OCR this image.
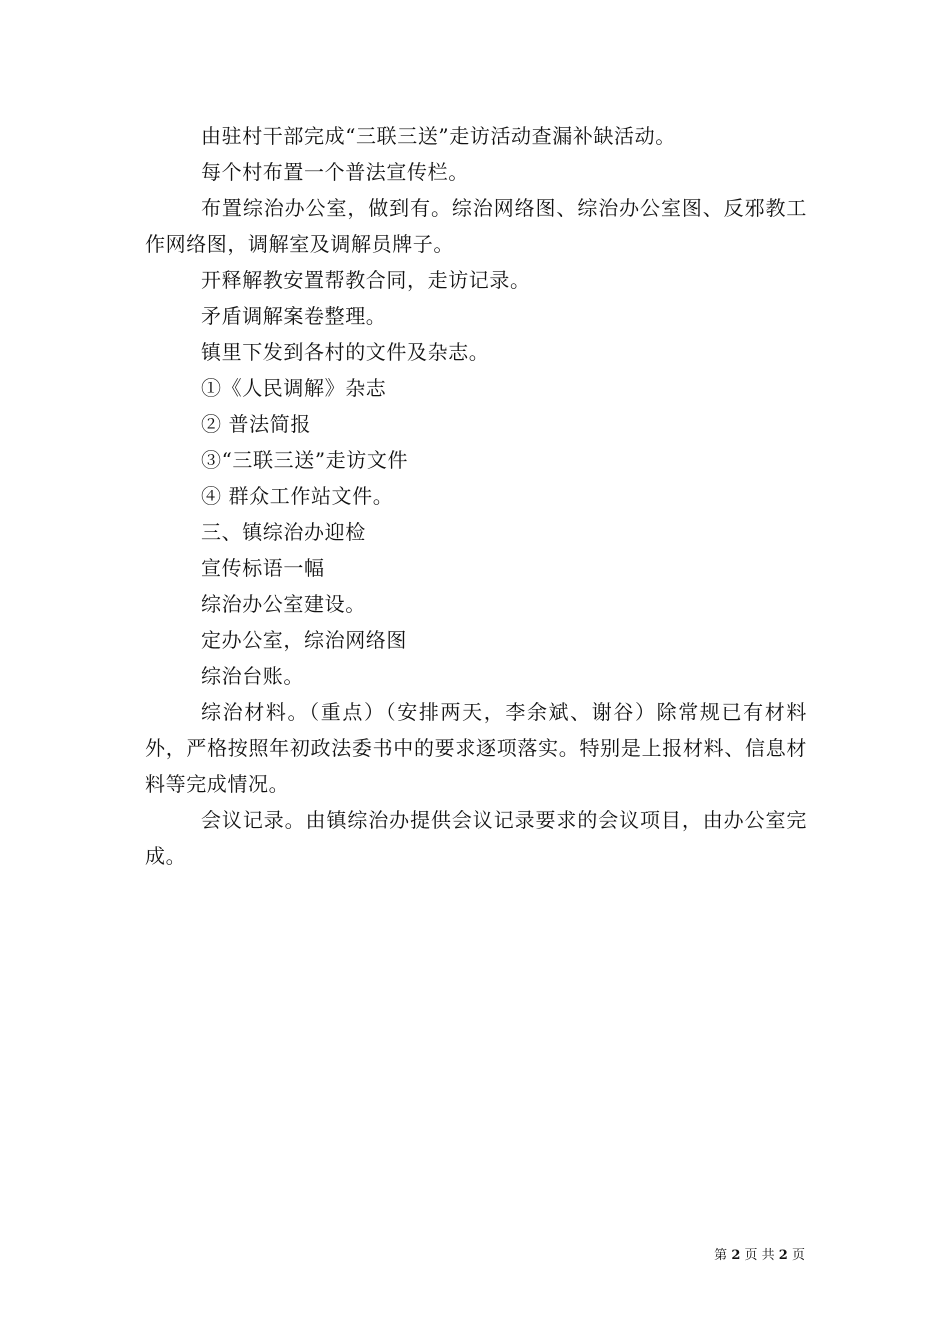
由驻村干部完成“三联三送”走访活动查漏补缺活动。

每个村布置一个普法宣传栏。

布置综治办公室，做到有。综治网络图、综治办公室图、反邪教工作网络图，调解室及调解员牌子。

开释解教安置帮教合同，走访记录。

矛盾调解案卷整理。

镇里下发到各村的文件及杂志。

①《人民调解》杂志

② 普法简报

③“三联三送”走访文件

④ 群众工作站文件。

三、镇综治办迎检

宣传标语一幅

综治办公室建设。

定办公室，综治网络图

综治台账。

综治材料。（重点）（安排两天，李余斌、谢谷）除常规已有材料外，严格按照年初政法委书中的要求逐项落实。特别是上报材料、信息材料等完成情况。

会议记录。由镇综治办提供会议记录要求的会议项目，由办公室完成。

第 2 页 共 2 页
